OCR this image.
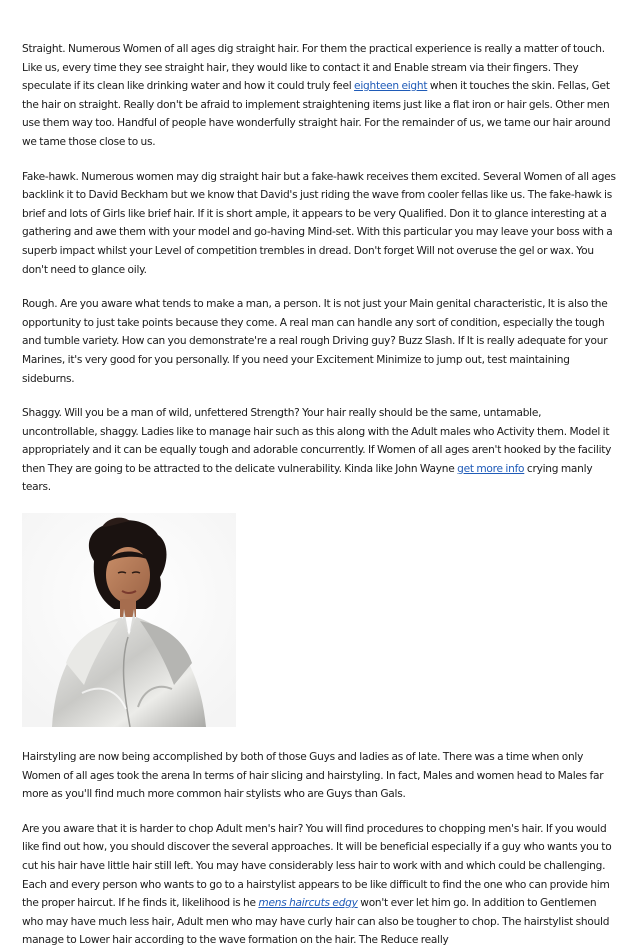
Straight. Numerous Women of all ages dig straight hair. For them the practical experience is really a matter of touch. Like us, every time they see straight hair, they would like to contact it and Enable stream via their fingers. They speculate if its clean like drinking water and how it could truly feel eighteen eight when it touches the skin. Fellas, Get the hair on straight. Really don't be afraid to implement straightening items just like a flat iron or hair gels. Other men use them way too. Handful of people have wonderfully straight hair. For the remainder of us, we tame our hair around we tame those close to us.

Fake-hawk. Numerous women may dig straight hair but a fake-hawk receives them excited. Several Women of all ages backlink it to David Beckham but we know that David's just riding the wave from cooler fellas like us. The fake-hawk is brief and lots of Girls like brief hair. If it is short ample, it appears to be very Qualified. Don it to glance interesting at a gathering and awe them with your model and go-having Mind-set. With this particular you may leave your boss with a superb impact whilst your Level of competition trembles in dread. Don't forget Will not overuse the gel or wax. You don't need to glance oily.

Rough. Are you aware what tends to make a man, a person. It is not just your Main genital characteristic, It is also the opportunity to just take points because they come. A real man can handle any sort of condition, especially the tough and tumble variety. How can you demonstrate're a real rough Driving guy? Buzz Slash. If It is really adequate for your Marines, it's very good for you personally. If you need your Excitement Minimize to jump out, test maintaining sideburns.

Shaggy. Will you be a man of wild, unfettered Strength? Your hair really should be the same, untamable, uncontrollable, shaggy. Ladies like to manage hair such as this along with the Adult males who Activity them. Model it appropriately and it can be equally tough and adorable concurrently. If Women of all ages aren't hooked by the facility then They are going to be attracted to the delicate vulnerability. Kinda like John Wayne get more info crying manly tears.

Hairstyling are now being accomplished by both of those Guys and ladies as of late. There was a time when only Women of all ages took the arena In terms of hair slicing and hairstyling. In fact, Males and women head to Males far more as you'll find much more common hair stylists who are Guys than Gals.

Are you aware that it is harder to chop Adult men's hair? You will find procedures to chopping men's hair. If you would like find out how, you should discover the several approaches. It will be beneficial especially if a guy who wants you to cut his hair have little hair still left. You may have considerably less hair to work with and which could be challenging. Each and every person who wants to go to a hairstylist appears to be like difficult to find the one who can provide him the proper haircut. If he finds it, likelihood is he mens haircuts edgy won't ever let him go. In addition to Gentlemen who may have much less hair, Adult men who may have curly hair can also be tougher to chop. The hairstylist should manage to Lower hair according to the wave formation on the hair. The Reduce really
